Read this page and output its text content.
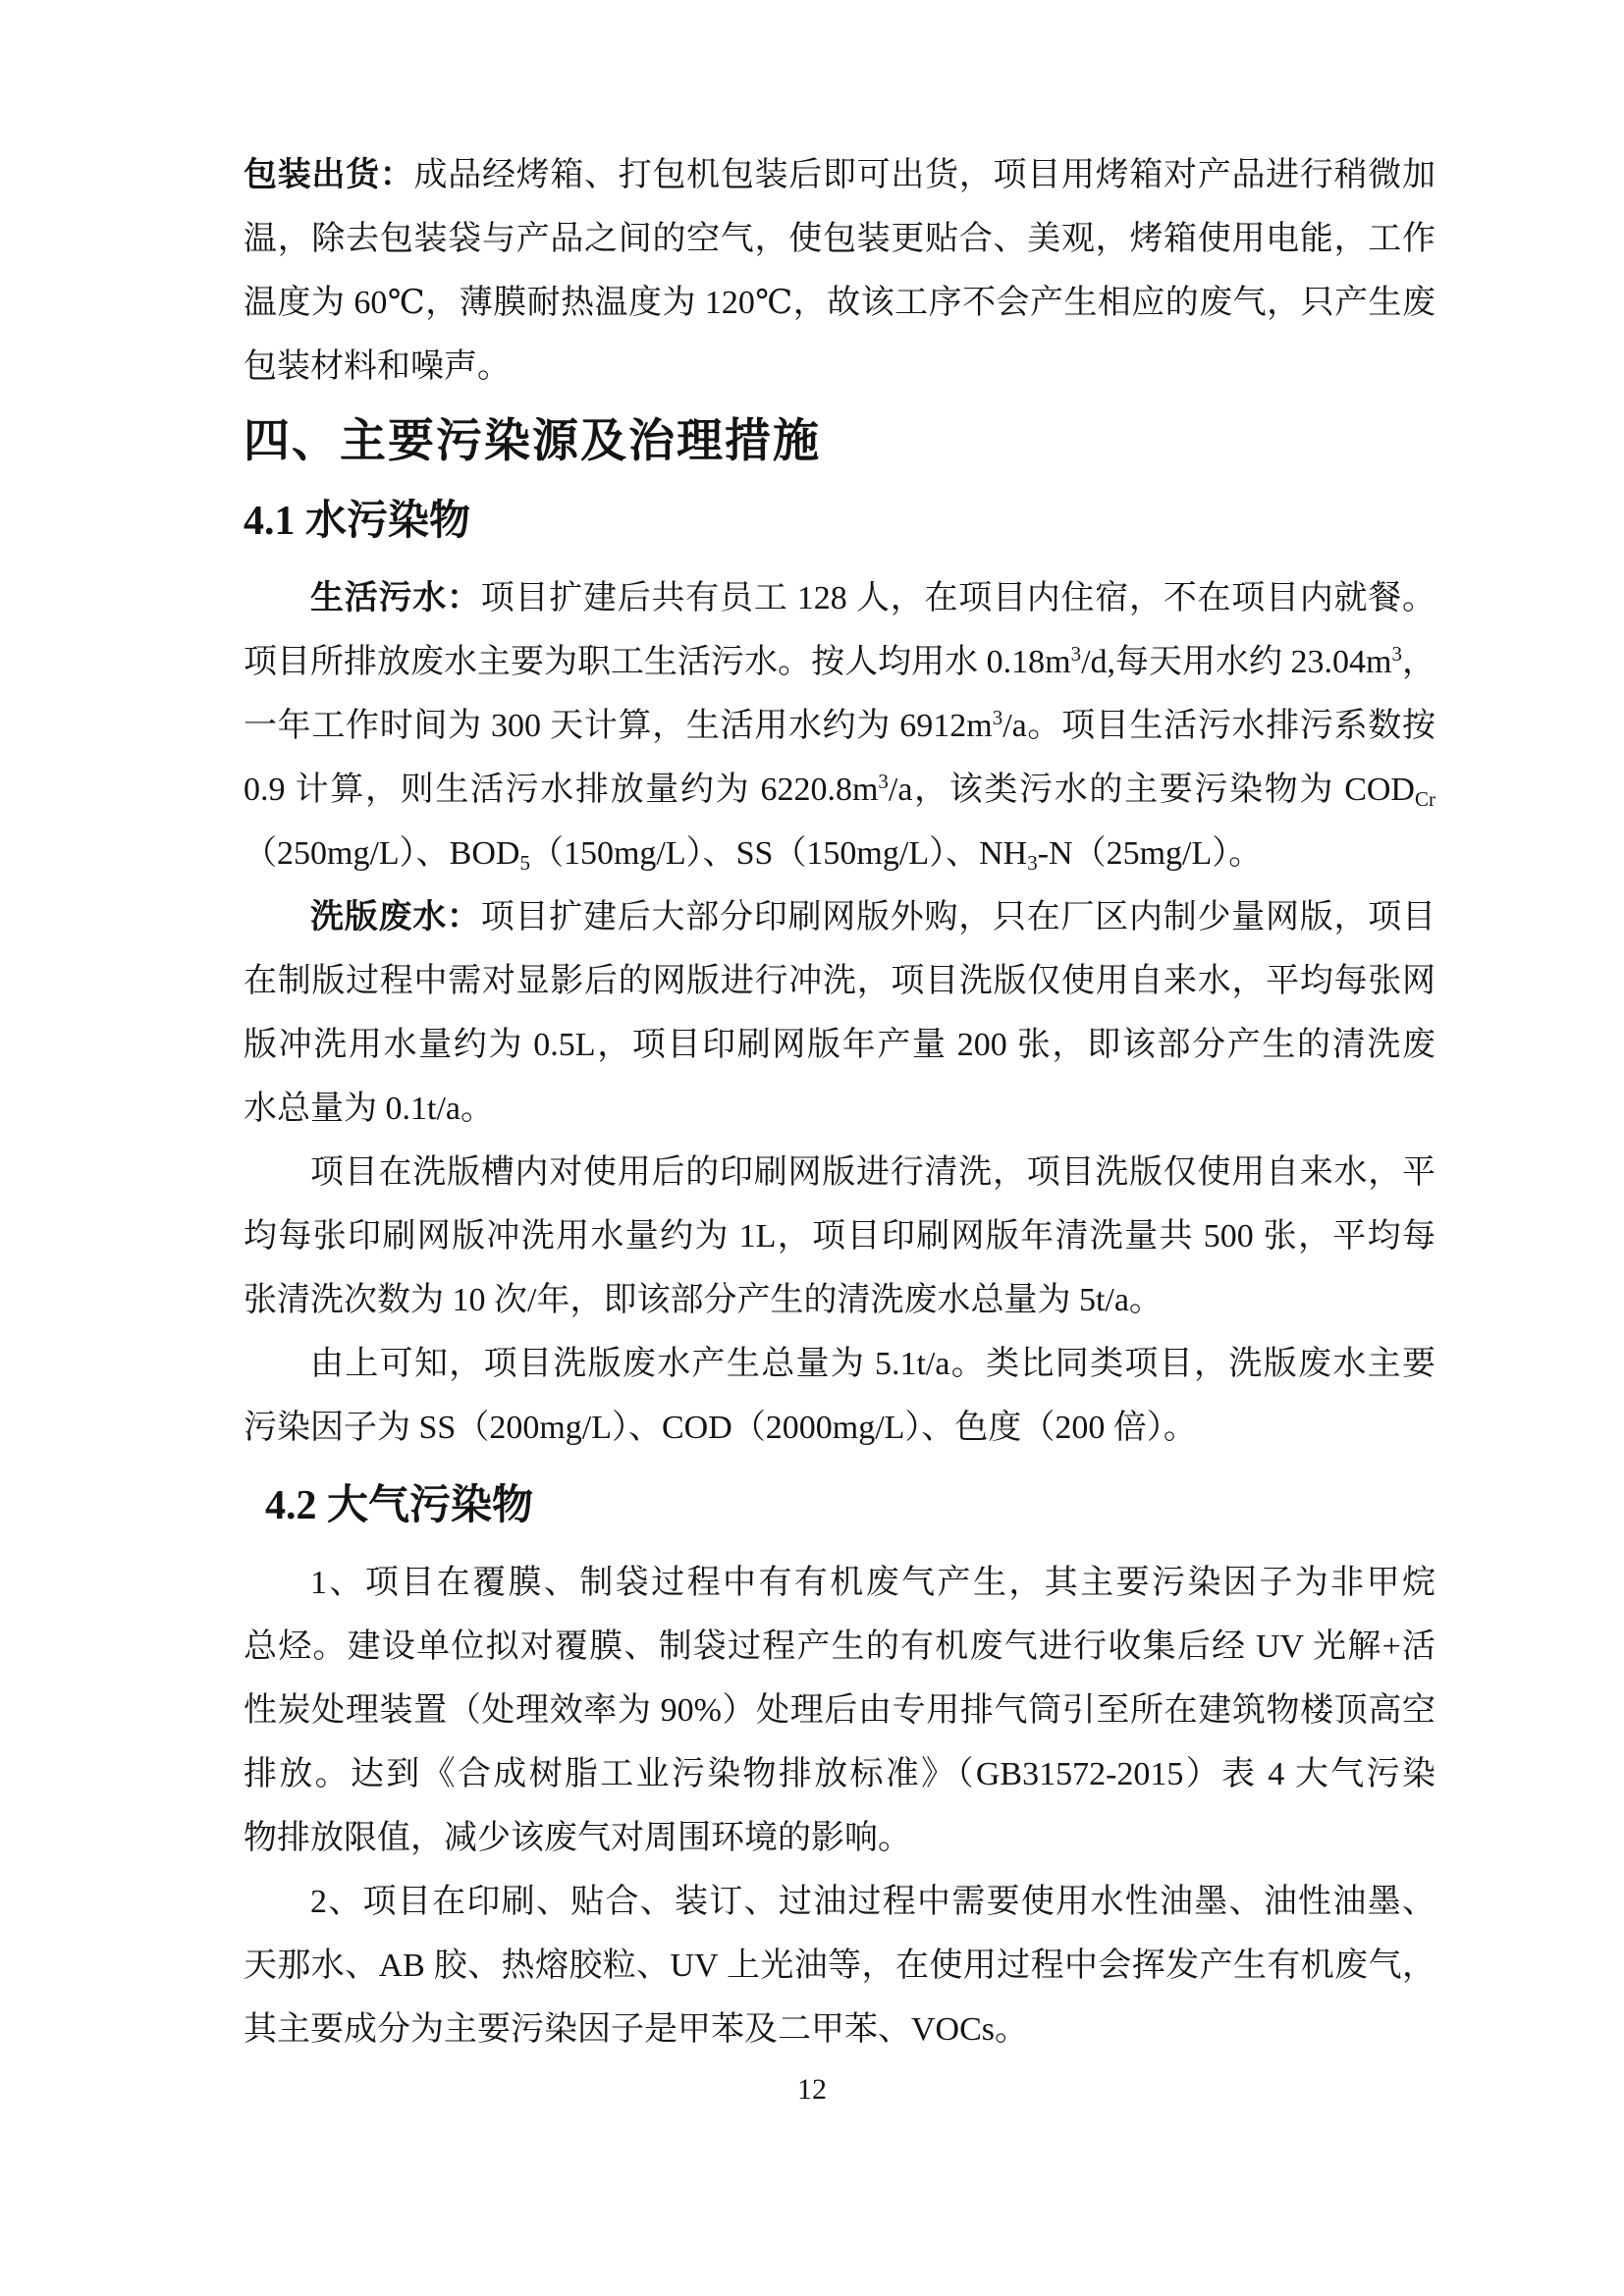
包装出货：成品经烤箱、打包机包装后即可出货，项目用烤箱对产品进行稍微加
温，除去包装袋与产品之间的空气，使包装更贴合、美观，烤箱使用电能，工作
温度为 60℃，薄膜耐热温度为 120℃，故该工序不会产生相应的废气，只产生废
包装材料和噪声。
四、主要污染源及治理措施
4.1 水污染物
生活污水：项目扩建后共有员工 128 人，在项目内住宿，不在项目内就餐。
项目所排放废水主要为职工生活污水。按人均用水 $0.18m^3/d$,每天用水约 $23.04m^3$，
一年工作时间为 300 天计算，生活用水约为 $6912m^3/a$。项目生活污水排污系数按
0.9 计算，则生活污水排放量约为 $6220.8m^3/a$，该类污水的主要污染物为 $COD_{Cr}$
（250mg/L）、$BOD_5(150mg/L)$、SS（150mg/L）、$NH_3-N(25mg/L)$。
洗版废水：项目扩建后大部分印刷网版外购，只在厂区内制少量网版，项目
在制版过程中需对显影后的网版进行冲洗，项目洗版仅使用自来水，平均每张网
版冲洗用水量约为 0.5L，项目印刷网版年产量 200 张，即该部分产生的清洗废
水总量为 0.1t/a。
项目在洗版槽内对使用后的印刷网版进行清洗，项目洗版仅使用自来水，平
均每张印刷网版冲洗用水量约为 1L，项目印刷网版年清洗量共 500 张，平均每
张清洗次数为 10 次/年，即该部分产生的清洗废水总量为 5t/a。
由上可知，项目洗版废水产生总量为 5.1t/a。类比同类项目，洗版废水主要
污染因子为 SS（200mg/L）、COD（2000mg/L）、色度（200 倍）。
4.2 大气污染物
1、项目在覆膜、制袋过程中有有机废气产生，其主要污染因子为非甲烷
总烃。建设单位拟对覆膜、制袋过程产生的有机废气进行收集后经 UV 光解+活
性炭处理装置（处理效率为 90%）处理后由专用排气筒引至所在建筑物楼顶高空
排放。达到《合成树脂工业污染物排放标准》（GB31572-2015）表 4 大气污染
物排放限值，减少该废气对周围环境的影响。
2、项目在印刷、贴合、装订、过油过程中需要使用水性油墨、油性油墨、
天那水、AB 胶、热熔胶粒、UV 上光油等，在使用过程中会挥发产生有机废气，
其主要成分为主要污染因子是甲苯及二甲苯、VOCs。
12
